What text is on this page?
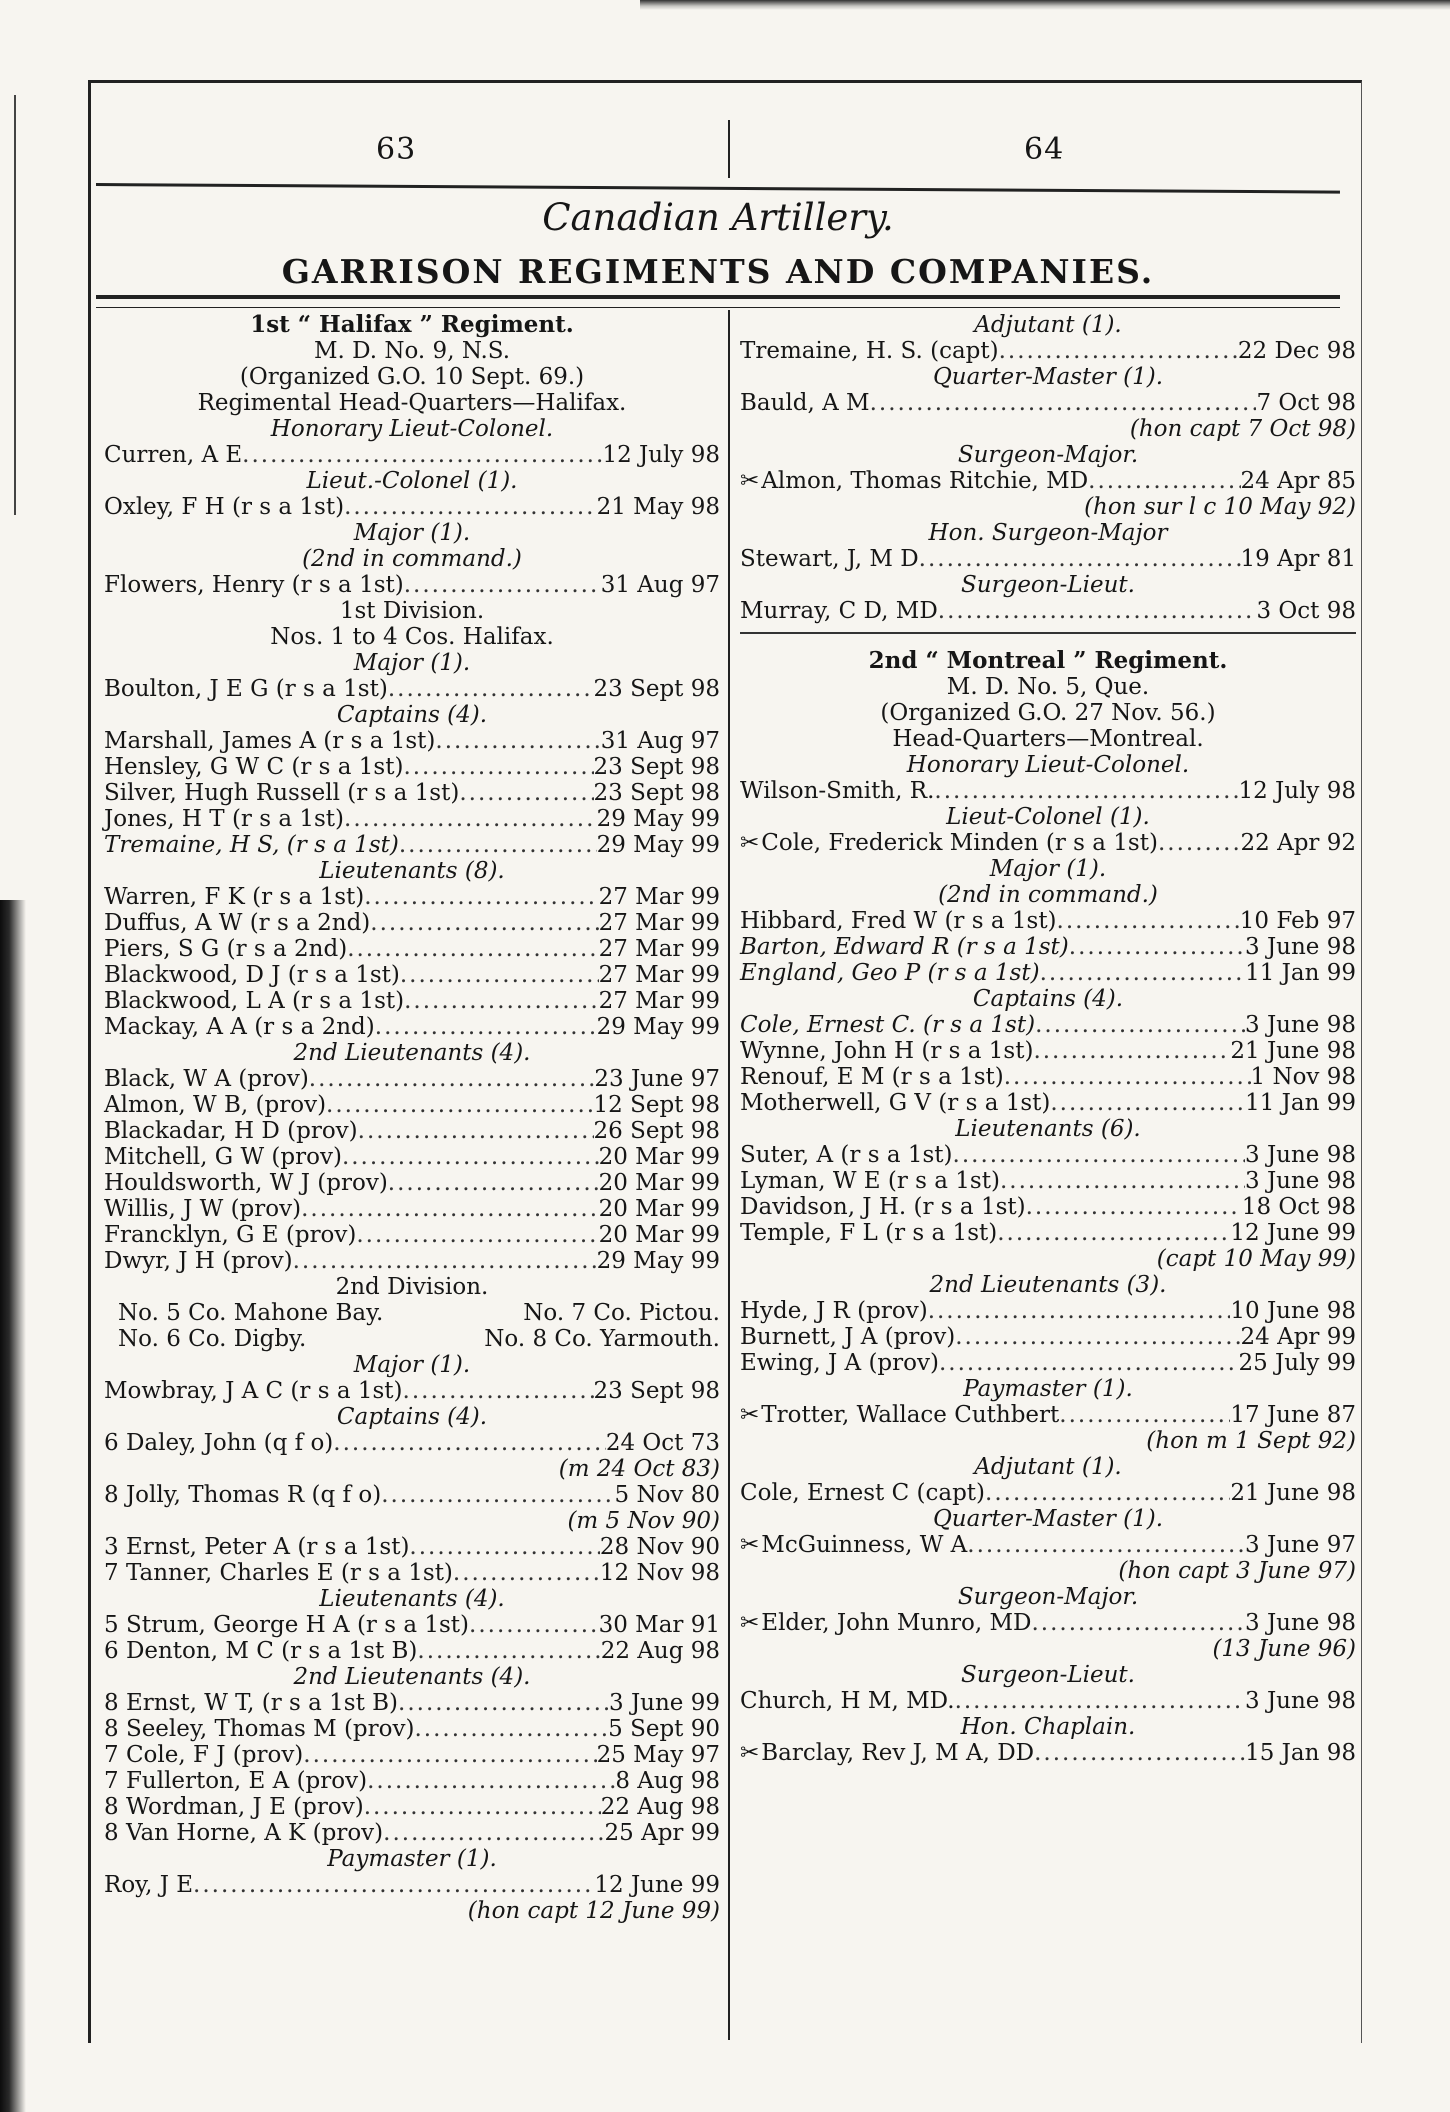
63	64
Canadian Artillery.
GARRISON REGIMENTS AND COMPANIES.
1st “ Halifax ” Regiment.
M. D. No. 9, N.S.
(Organized G.O. 10 Sept. 69.)
Regimental Head-Quarters—Halifax.
Honorary Lieut-Colonel.
Curren, A E .....	12 July 98
Lieut.-Colonel (1).
Oxley, F H (r s a 1st) .....	21 May 98
Major (1).
(2nd in command.)
Flowers, Henry (r s a 1st) .....	31 Aug 97
1st Division.
Nos. 1 to 4 Cos. Halifax.
Major (1).
Boulton, J E G (r s a 1st) .....	23 Sept 98
Captains (4).
Marshall, James A (r s a 1st) .....	31 Aug 97
Hensley, G W C (r s a 1st) .....	23 Sept 98
Silver, Hugh Russell (r s a 1st) .....	23 Sept 98
Jones, H T (r s a 1st) .....	29 May 99
Tremaine, H S, (r s a 1st) .....	29 May 99
Lieutenants (8).
Warren, F K (r s a 1st) .....	27 Mar 99
Duffus, A W (r s a 2nd) .....	27 Mar 99
Piers, S G (r s a 2nd) .....	27 Mar 99
Blackwood, D J (r s a 1st) .....	27 Mar 99
Blackwood, L A (r s a 1st) .....	27 Mar 99
Mackay, A A (r s a 2nd) .....	29 May 99
2nd Lieutenants (4).
Black, W A (prov) .....	23 June 97
Almon, W B, (prov) .....	12 Sept 98
Blackadar, H D (prov) .....	26 Sept 98
Mitchell, G W (prov) .....	20 Mar 99
Houldsworth, W J (prov) .....	20 Mar 99
Willis, J W (prov) .....	20 Mar 99
Francklyn, G E (prov) .....	20 Mar 99
Dwyr, J H (prov) .....	29 May 99
2nd Division.
No. 5 Co. Mahone Bay.	No. 7 Co. Pictou.
No. 6 Co. Digby.	No. 8 Co. Yarmouth.
Major (1).
Mowbray, J A C (r s a 1st) .....	23 Sept 98
Captains (4).
6 Daley, John (q f o) .....	24 Oct 73
(m 24 Oct 83)
8 Jolly, Thomas R (q f o) .....	5 Nov 80
(m 5 Nov 90)
3 Ernst, Peter A (r s a 1st) .....	28 Nov 90
7 Tanner, Charles E (r s a 1st) .....	12 Nov 98
Lieutenants (4).
5 Strum, George H A (r s a 1st) .....	30 Mar 91
6 Denton, M C (r s a 1st B) .....	22 Aug 98
2nd Lieutenants (4).
8 Ernst, W T, (r s a 1st B) .....	3 June 99
8 Seeley, Thomas M (prov) .....	5 Sept 90
7 Cole, F J (prov) .....	25 May 97
7 Fullerton, E A (prov) .....	8 Aug 98
8 Wordman, J E (prov) .....	22 Aug 98
8 Van Horne, A K (prov) .....	25 Apr 99
Paymaster (1).
Roy, J E .....	12 June 99
(hon capt 12 June 99)
Adjutant (1).
Tremaine, H. S. (capt) .....	22 Dec 98
Quarter-Master (1).
Bauld, A M .....	7 Oct 98
(hon capt 7 Oct 98)
Surgeon-Major.
✂Almon, Thomas Ritchie, MD .....	24 Apr 85
(hon sur l c 10 May 92)
Hon. Surgeon-Major
Stewart, J, M D .....	19 Apr 81
Surgeon-Lieut.
Murray, C D, MD .....	3 Oct 98
2nd “ Montreal ” Regiment.
M. D. No. 5, Que.
(Organized G.O. 27 Nov. 56.)
Head-Quarters—Montreal.
Honorary Lieut-Colonel.
Wilson-Smith, R. .....	12 July 98
Lieut-Colonel (1).
✂Cole, Frederick Minden (r s a 1st) .....	22 Apr 92
Major (1).
(2nd in command.)
Hibbard, Fred W (r s a 1st) .....	10 Feb 97
Barton, Edward R (r s a 1st) .....	3 June 98
England, Geo P (r s a 1st) .....	11 Jan 99
Captains (4).
Cole, Ernest C. (r s a 1st) .....	3 June 98
Wynne, John H (r s a 1st) .....	21 June 98
Renouf, E M (r s a 1st) .....	1 Nov 98
Motherwell, G V (r s a 1st) .....	11 Jan 99
Lieutenants (6).
Suter, A (r s a 1st) .....	3 June 98
Lyman, W E (r s a 1st) .....	3 June 98
Davidson, J H. (r s a 1st) .....	18 Oct 98
Temple, F L (r s a 1st) .....	12 June 99
(capt 10 May 99)
2nd Lieutenants (3).
Hyde, J R (prov) .....	10 June 98
Burnett, J A (prov) .....	24 Apr 99
Ewing, J A (prov) .....	25 July 99
Paymaster (1).
✂Trotter, Wallace Cuthbert .....	17 June 87
(hon m 1 Sept 92)
Adjutant (1).
Cole, Ernest C (capt) .....	21 June 98
Quarter-Master (1).
✂McGuinness, W A .....	3 June 97
(hon capt 3 June 97)
Surgeon-Major.
✂Elder, John Munro, MD .....	3 June 98
(13 June 96)
Surgeon-Lieut.
Church, H M, MD. .....	3 June 98
Hon. Chaplain.
✂Barclay, Rev J, M A, DD .....	15 Jan 98
